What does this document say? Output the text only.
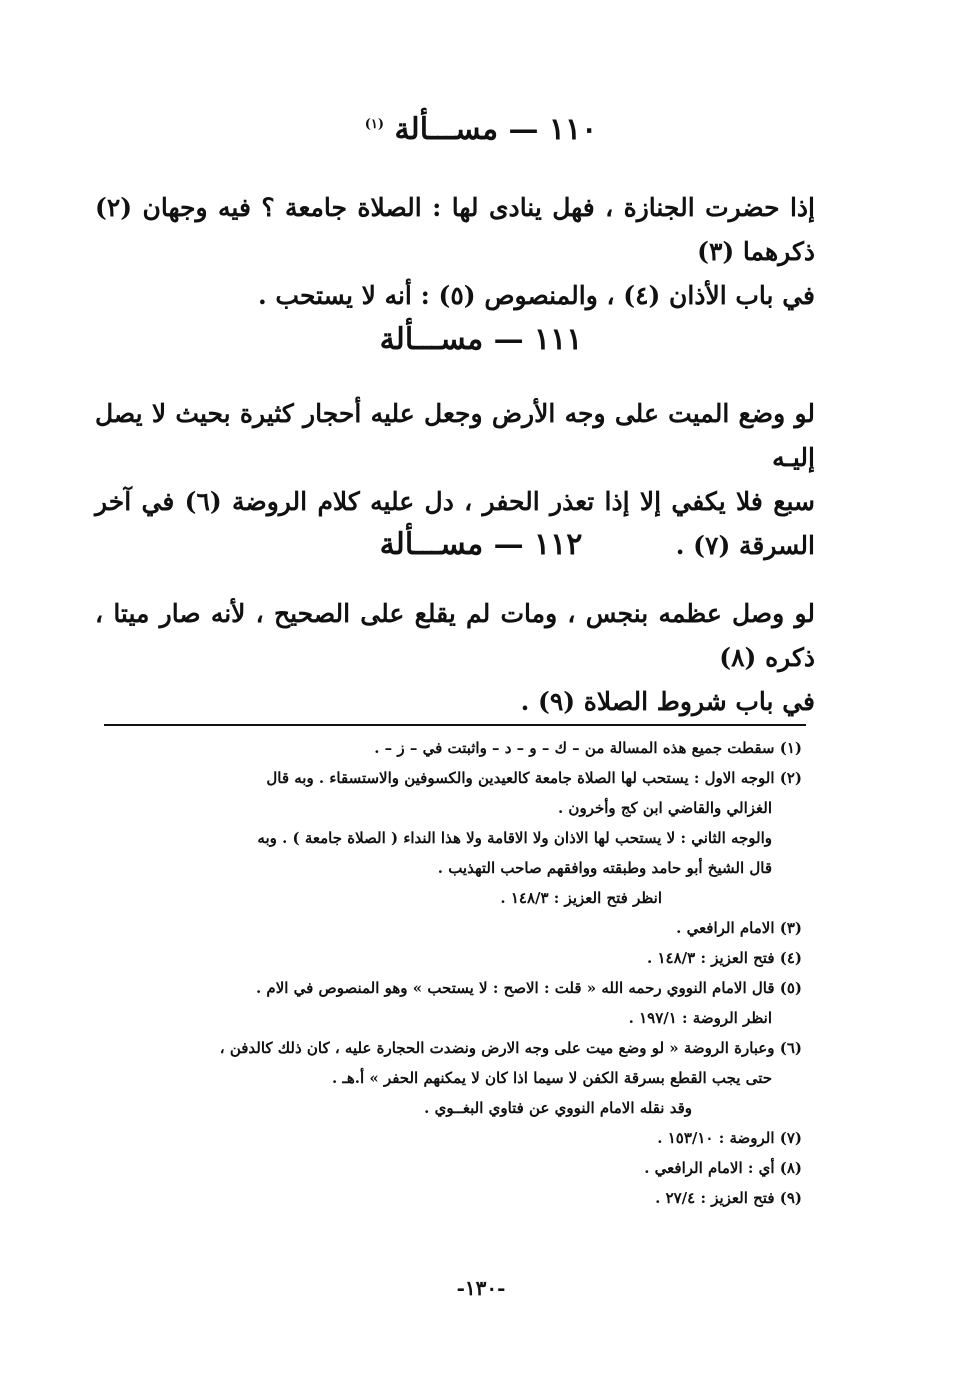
١١٠ — مســـألة $^{(١)}$

إذا حضرت الجنازة ، فهل ينادى لها : الصلاة جامعة ؟ فيه وجهان (٢) ذكرهما (٣)

في باب الأذان (٤) ، والمنصوص (٥) : أنه لا يستحب .

١١١ — مســـألة

لو وضع الميت على وجه الأرض وجعل عليه أحجار كثيرة بحيث لا يصل إليـه

سبع فلا يكفي إلا إذا تعذر الحفر ، دل عليه كلام الروضة (٦) في آخر السرقة (٧) .

١١٢ — مســـألة

لو وصل عظمه بنجس ، ومات لم يقلع على الصحيح ، لأنه صار ميتا ، ذكره (٨)

في باب شروط الصلاة (٩) .

(١) سقطت جميع هذه المسالة من – ك – و – د – واثبتت في – ز – .

(٢) الوجه الاول : يستحب لها الصلاة جامعة كالعيدين والكسوفين والاستسقاء . وبه قال

الغزالي والقاضي ابن كج وأخرون .

والوجه الثاني : لا يستحب لها الاذان ولا الاقامة ولا هذا النداء ( الصلاة جامعة ) . وبه

قال الشيخ أبو حامد وطبقته ووافقهم صاحب التهذيب .

انظر فتح العزيز : ١٤٨/٣ .

(٣) الامام الرافعي .

(٤) فتح العزيز : ١٤٨/٣ .

(٥) قال الامام النووي رحمه الله « قلت : الاصح : لا يستحب » وهو المنصوص في الام .

انظر الروضة : ١٩٧/١ .

(٦) وعبارة الروضة « لو وضع ميت على وجه الارض ونضدت الحجارة عليه ، كان ذلك كالدفن ،

حتى يجب القطع بسرقة الكفن لا سيما اذا كان لا يمكنهم الحفر » أ.هـ .

وقد نقله الامام النووي عن فتاوي البغــوي .

(٧) الروضة : ١٥٣/١٠ .

(٨) أي : الامام الرافعي .

(٩) فتح العزيز : ٢٧/٤ .

-١٣٠-
